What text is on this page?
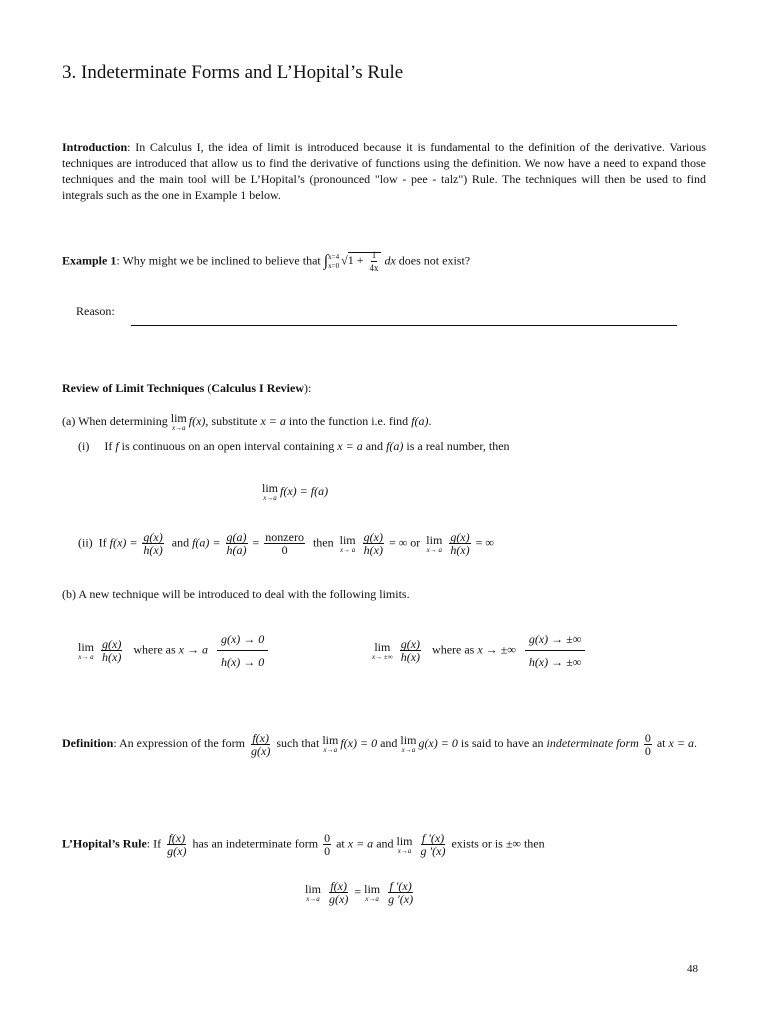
3. Indeterminate Forms and L’Hopital’s Rule
Introduction: In Calculus I, the idea of limit is introduced because it is fundamental to the definition of the derivative. Various techniques are introduced that allow us to find the derivative of functions using the definition. We now have a need to expand those techniques and the main tool will be L’Hopital’s (pronounced "low - pee - talz") Rule. The techniques will then be used to find integrals such as the one in Example 1 below.
Example 1: Why might we be inclined to believe that ∫ x=4
x=0 $√1 + \frac{1}{4x}$ dx does not exist?
Reason:
Review of Limit Techniques (Calculus I Review):
(a) When determining lim
x→a
f(x), substitute x = a into the function i.e. find f(a).
(i) If f is continuous on an open interval containing x = a and f(a) is a real number, then
lim
x→a
f(x) = f(a)
(ii) If $f(x) = \frac{g(x)}{h(x)}$ and $f(a) = \frac{g(a)}{h(a)} = \frac{\text{nonzero}}{0}$ then lim
x→ a
$\frac{g(x)}{h(x)}$ = ∞ or lim
x→ a
$\frac{g(x)}{h(x)}$ = ∞
(b) A new technique will be introduced to deal with the following limits.
lim
x→ a
$\frac{g(x)}{h(x)}$ where as x → a $\frac{g(x) \to 0}{h(x) \to 0}$	lim
x→ ±∞
$\frac{g(x)}{h(x)}$ where as x → ±∞ $\frac{g(x) \to \pm\infty}{h(x) \to \pm\infty}$
Definition: An expression of the form $\frac{f(x)}{g(x)}$ such that lim
x→a
f(x) = 0 and lim
x→a
g(x) = 0 is said to have an indeterminate form $\frac{0}{0}$ at x = a.
L’Hopital’s Rule: If $\frac{f(x)}{g(x)}$ has an indeterminate form $\frac{0}{0}$ at x = a and lim
x→a
$\frac{f '(x)}{g '(x)}$ exists or is ±∞ then
lim
x→a
$\frac{f(x)}{g(x)} = \lim$
x→a
$\frac{f '(x)}{g '(x)}$
48
